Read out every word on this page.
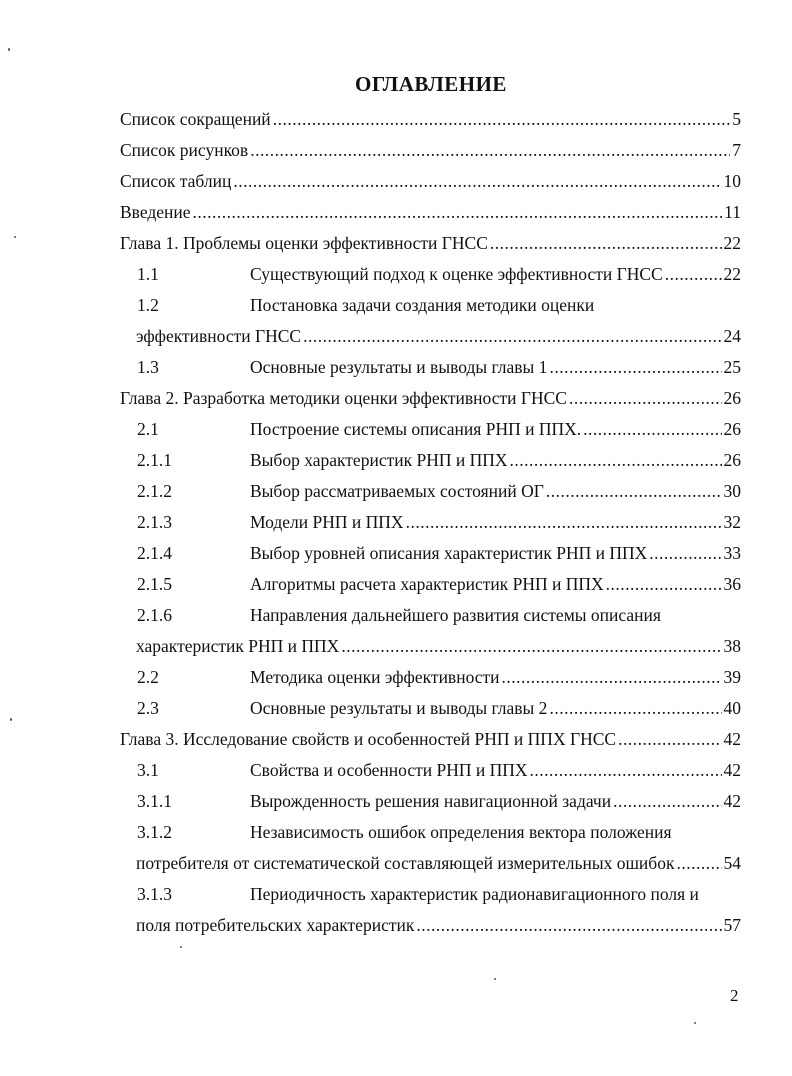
ОГЛАВЛЕНИЕ
Список сокращений .....	5
Список рисунков .....	7
Список таблиц .....	10
Введение .....	11
Глава 1. Проблемы оценки эффективности ГНСС .....	22
1.1	Существующий подход к оценке эффективности ГНСС .....	22
1.2	Постановка задачи создания методики оценки
эффективности ГНСС .....	24
1.3	Основные результаты и выводы главы 1 .....	25
Глава 2. Разработка методики оценки эффективности ГНСС .....	26
2.1	Построение системы описания РНП и ППХ. .....	26
2.1.1	Выбор характеристик РНП и ППХ .....	26
2.1.2	Выбор рассматриваемых состояний ОГ .....	30
2.1.3	Модели РНП и ППХ .....	32
2.1.4	Выбор уровней описания характеристик РНП и ППХ .....	33
2.1.5	Алгоритмы расчета характеристик РНП и ППХ .....	36
2.1.6	Направления дальнейшего развития системы описания
характеристик РНП и ППХ .....	38
2.2	Методика оценки эффективности .....	39
2.3	Основные результаты и выводы главы 2 .....	40
Глава 3. Исследование свойств и особенностей РНП и ППХ ГНСС .....	42
3.1	Свойства и особенности РНП и ППХ .....	42
3.1.1	Вырожденность решения навигационной задачи .....	42
3.1.2	Независимость ошибок определения вектора положения
потребителя от систематической составляющей измерительных ошибок .....	54
3.1.3	Периодичность характеристик радионавигационного поля и
поля потребительских характеристик .....	57
2
